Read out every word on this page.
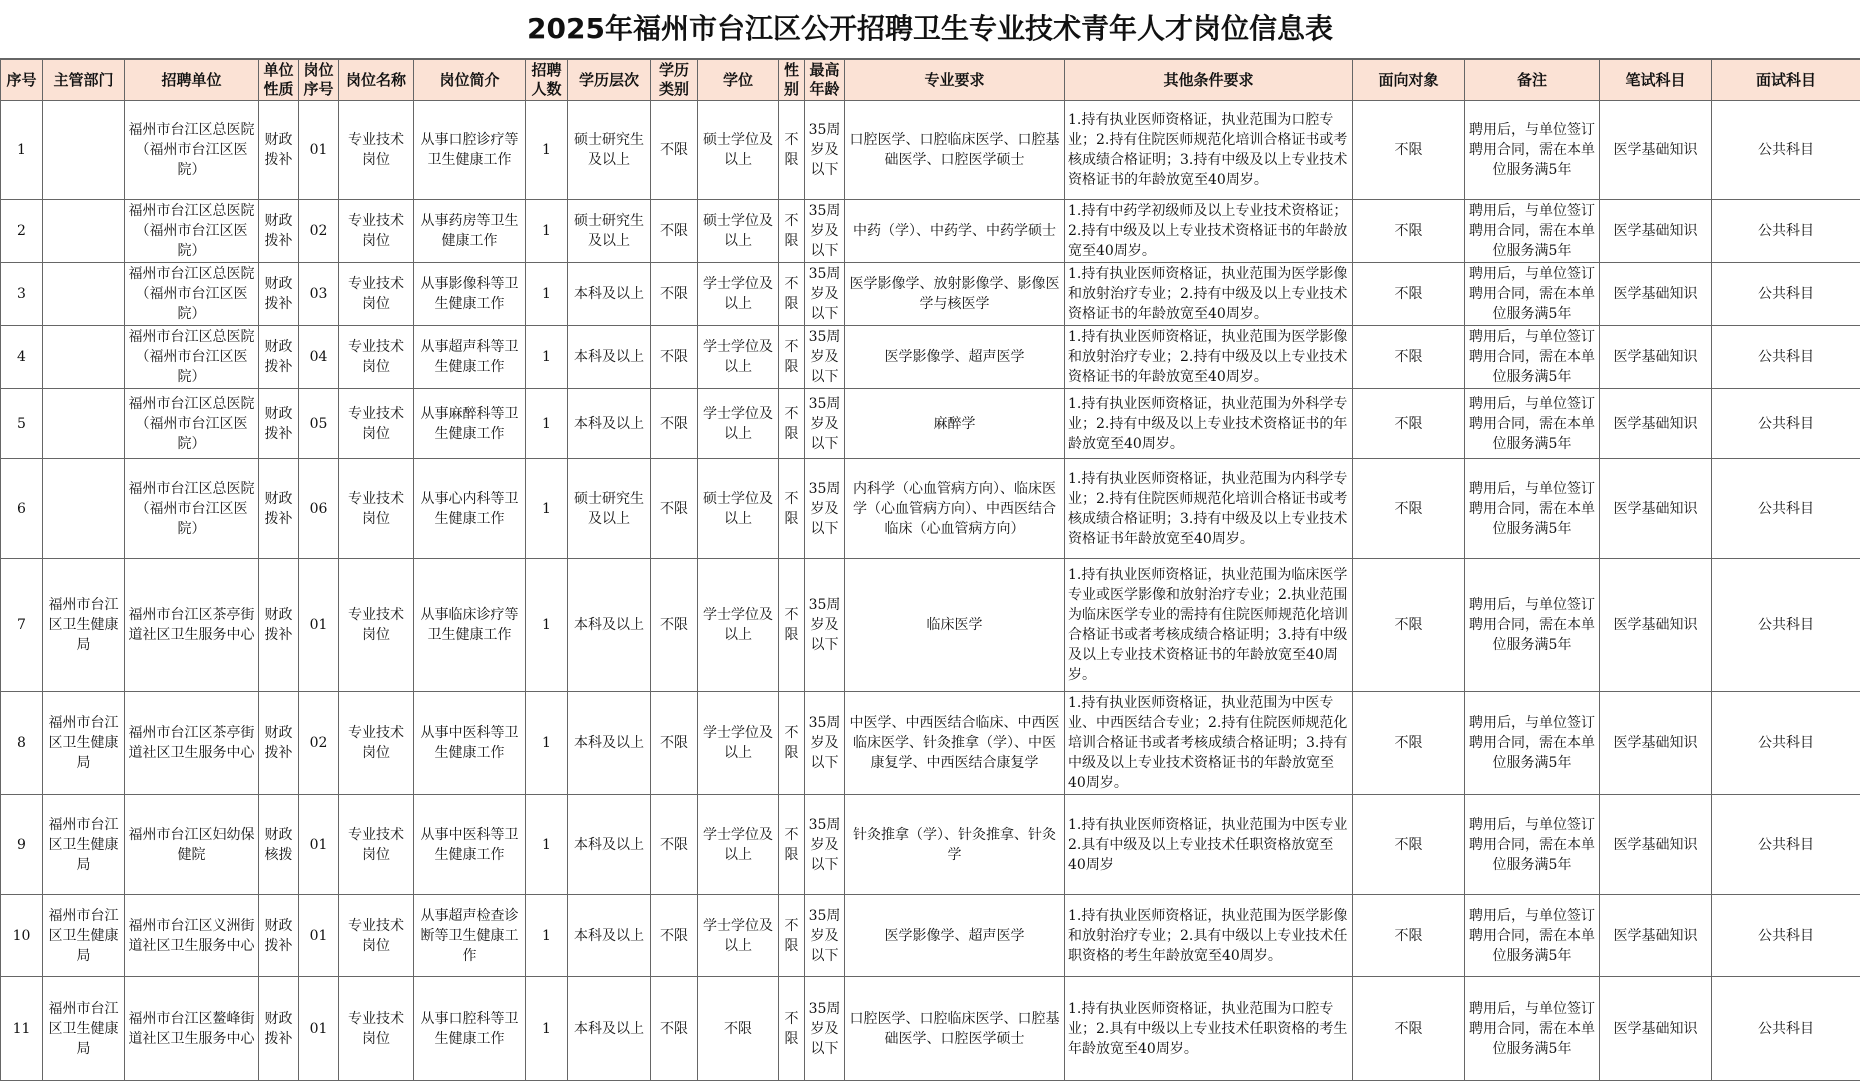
2025年福州市台江区公开招聘卫生专业技术青年人才岗位信息表
序号	主管部门	招聘单位	单位性质	岗位序号	岗位名称	岗位简介	招聘人数	学历层次	学历类别	学位	性别	最高年龄	专业要求	其他条件要求	面向对象	备注	笔试科目	面试科目
1		福州市台江区总医院（福州市台江区医院）	财政拨补	01	专业技术岗位	从事口腔诊疗等卫生健康工作	1	硕士研究生及以上	不限	硕士学位及以上	不限	35周岁及以下	口腔医学、口腔临床医学、口腔基础医学、口腔医学硕士	1.持有执业医师资格证，执业范围为口腔专业；2.持有住院医师规范化培训合格证书或考核成绩合格证明；3.持有中级及以上专业技术资格证书的年龄放宽至40周岁。	不限	聘用后，与单位签订聘用合同，需在本单位服务满5年	医学基础知识	公共科目
2		福州市台江区总医院（福州市台江区医院）	财政拨补	02	专业技术岗位	从事药房等卫生健康工作	1	硕士研究生及以上	不限	硕士学位及以上	不限	35周岁及以下	中药（学）、中药学、中药学硕士	1.持有中药学初级师及以上专业技术资格证；2.持有中级及以上专业技术资格证书的年龄放宽至40周岁。	不限	聘用后，与单位签订聘用合同，需在本单位服务满5年	医学基础知识	公共科目
3		福州市台江区总医院（福州市台江区医院）	财政拨补	03	专业技术岗位	从事影像科等卫生健康工作	1	本科及以上	不限	学士学位及以上	不限	35周岁及以下	医学影像学、放射影像学、影像医学与核医学	1.持有执业医师资格证，执业范围为医学影像和放射治疗专业；2.持有中级及以上专业技术资格证书的年龄放宽至40周岁。	不限	聘用后，与单位签订聘用合同，需在本单位服务满5年	医学基础知识	公共科目
4		福州市台江区总医院（福州市台江区医院）	财政拨补	04	专业技术岗位	从事超声科等卫生健康工作	1	本科及以上	不限	学士学位及以上	不限	35周岁及以下	医学影像学、超声医学	1.持有执业医师资格证，执业范围为医学影像和放射治疗专业；2.持有中级及以上专业技术资格证书的年龄放宽至40周岁。	不限	聘用后，与单位签订聘用合同，需在本单位服务满5年	医学基础知识	公共科目
5		福州市台江区总医院（福州市台江区医院）	财政拨补	05	专业技术岗位	从事麻醉科等卫生健康工作	1	本科及以上	不限	学士学位及以上	不限	35周岁及以下	麻醉学	1.持有执业医师资格证，执业范围为外科学专业；2.持有中级及以上专业技术资格证书的年龄放宽至40周岁。	不限	聘用后，与单位签订聘用合同，需在本单位服务满5年	医学基础知识	公共科目
6		福州市台江区总医院（福州市台江区医院）	财政拨补	06	专业技术岗位	从事心内科等卫生健康工作	1	硕士研究生及以上	不限	硕士学位及以上	不限	35周岁及以下	内科学（心血管病方向）、临床医学（心血管病方向）、中西医结合临床（心血管病方向）	1.持有执业医师资格证，执业范围为内科学专业；2.持有住院医师规范化培训合格证书或考核成绩合格证明；3.持有中级及以上专业技术资格证书年龄放宽至40周岁。	不限	聘用后，与单位签订聘用合同，需在本单位服务满5年	医学基础知识	公共科目
7	福州市台江区卫生健康局	福州市台江区茶亭街道社区卫生服务中心	财政拨补	01	专业技术岗位	从事临床诊疗等卫生健康工作	1	本科及以上	不限	学士学位及以上	不限	35周岁及以下	临床医学	1.持有执业医师资格证，执业范围为临床医学专业或医学影像和放射治疗专业；2.执业范围为临床医学专业的需持有住院医师规范化培训合格证书或者考核成绩合格证明；3.持有中级及以上专业技术资格证书的年龄放宽至40周岁。	不限	聘用后，与单位签订聘用合同，需在本单位服务满5年	医学基础知识	公共科目
8	福州市台江区卫生健康局	福州市台江区茶亭街道社区卫生服务中心	财政拨补	02	专业技术岗位	从事中医科等卫生健康工作	1	本科及以上	不限	学士学位及以上	不限	35周岁及以下	中医学、中西医结合临床、中西医临床医学、针灸推拿（学）、中医康复学、中西医结合康复学	1.持有执业医师资格证，执业范围为中医专业、中西医结合专业；2.持有住院医师规范化培训合格证书或者考核成绩合格证明；3.持有中级及以上专业技术资格证书的年龄放宽至40周岁。	不限	聘用后，与单位签订聘用合同，需在本单位服务满5年	医学基础知识	公共科目
9	福州市台江区卫生健康局	福州市台江区妇幼保健院	财政核拨	01	专业技术岗位	从事中医科等卫生健康工作	1	本科及以上	不限	学士学位及以上	不限	35周岁及以下	针灸推拿（学）、针灸推拿、针灸学	1.持有执业医师资格证，执业范围为中医专业2.具有中级及以上专业技术任职资格放宽至40周岁	不限	聘用后，与单位签订聘用合同，需在本单位服务满5年	医学基础知识	公共科目
10	福州市台江区卫生健康局	福州市台江区义洲街道社区卫生服务中心	财政拨补	01	专业技术岗位	从事超声检查诊断等卫生健康工作	1	本科及以上	不限	学士学位及以上	不限	35周岁及以下	医学影像学、超声医学	1.持有执业医师资格证，执业范围为医学影像和放射治疗专业；2.具有中级以上专业技术任职资格的考生年龄放宽至40周岁。	不限	聘用后，与单位签订聘用合同，需在本单位服务满5年	医学基础知识	公共科目
11	福州市台江区卫生健康局	福州市台江区鳌峰街道社区卫生服务中心	财政拨补	01	专业技术岗位	从事口腔科等卫生健康工作	1	本科及以上	不限	不限	不限	35周岁及以下	口腔医学、口腔临床医学、口腔基础医学、口腔医学硕士	1.持有执业医师资格证，执业范围为口腔专业；2.具有中级以上专业技术任职资格的考生年龄放宽至40周岁。	不限	聘用后，与单位签订聘用合同，需在本单位服务满5年	医学基础知识	公共科目
